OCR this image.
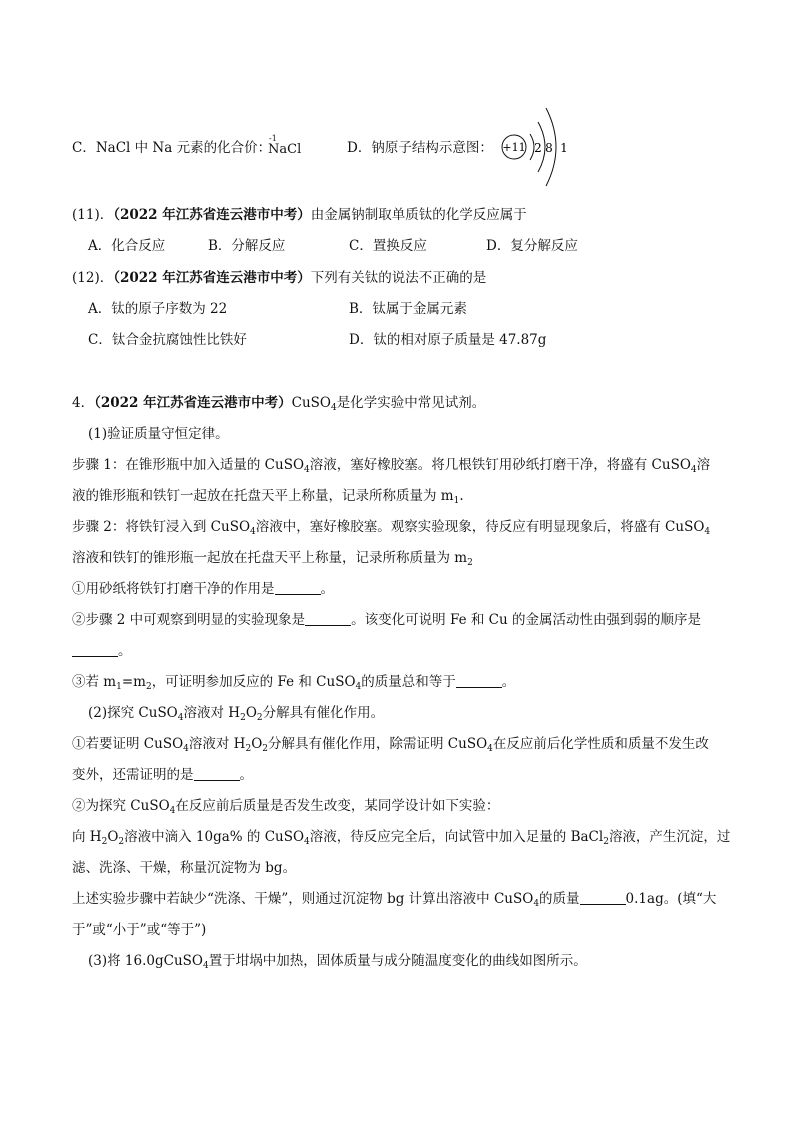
C．NaCl 中 Na 元素的化合价：
-1
NaCl	D．钠原子结构示意图： +11 2 8 1
(11)．（2022 年江苏省连云港市中考）由金属钠制取单质钛的化学反应属于
A．化合反应	B．分解反应	C．置换反应	D．复分解反应
(12)．（2022 年江苏省连云港市中考）下列有关钛的说法不正确的是
A．钛的原子序数为 22	B．钛属于金属元素
C．钛合金抗腐蚀性比铁好	D．钛的相对原子质量是 47.87g
4．（2022 年江苏省连云港市中考）CuSO$_4$是化学实验中常见试剂。
(1)验证质量守恒定律。
步骤 1：在锥形瓶中加入适量的 CuSO$_4$溶液，塞好橡胶塞。将几根铁钉用砂纸打磨干净，将盛有 CuSO$_4$溶
液的锥形瓶和铁钉一起放在托盘天平上称量，记录所称质量为 $m_1$.
步骤 2：将铁钉浸入到 CuSO$_4$溶液中，塞好橡胶塞。观察实验现象，待反应有明显现象后，将盛有 CuSO$_4$
溶液和铁钉的锥形瓶一起放在托盘天平上称量，记录所称质量为 $m_2$
①用砂纸将铁钉打磨干净的作用是	。
②步骤 2 中可观察到明显的实验现象是	。该变化可说明 Fe 和 Cu 的金属活动性由强到弱的顺序是
。
③若 $m_1=m_2$，可证明参加反应的 Fe 和 CuSO$_4$的质量总和等于	。
(2)探究 CuSO$_4$溶液对 $H_2O_2$分解具有催化作用。
①若要证明 CuSO$_4$溶液对 $H_2O_2$分解具有催化作用，除需证明 CuSO$_4$在反应前后化学性质和质量不发生改
变外，还需证明的是	。
②为探究 CuSO$_4$在反应前后质量是否发生改变，某同学设计如下实验：
向 $H_2O_2$溶液中滴入 10ga% 的 CuSO$_4$溶液，待反应完全后，向试管中加入足量的 BaCl$_2$溶液，产生沉淀，过
滤、洗涤、干燥，称量沉淀物为 bg。
上述实验步骤中若缺少“洗涤、干燥”，则通过沉淀物 bg 计算出溶液中 CuSO$_4$的质量	0.1ag。(填“大
于”或“小于”或“等于”)
(3)将 16.0gCuSO$_4$置于坩埚中加热，固体质量与成分随温度变化的曲线如图所示。
